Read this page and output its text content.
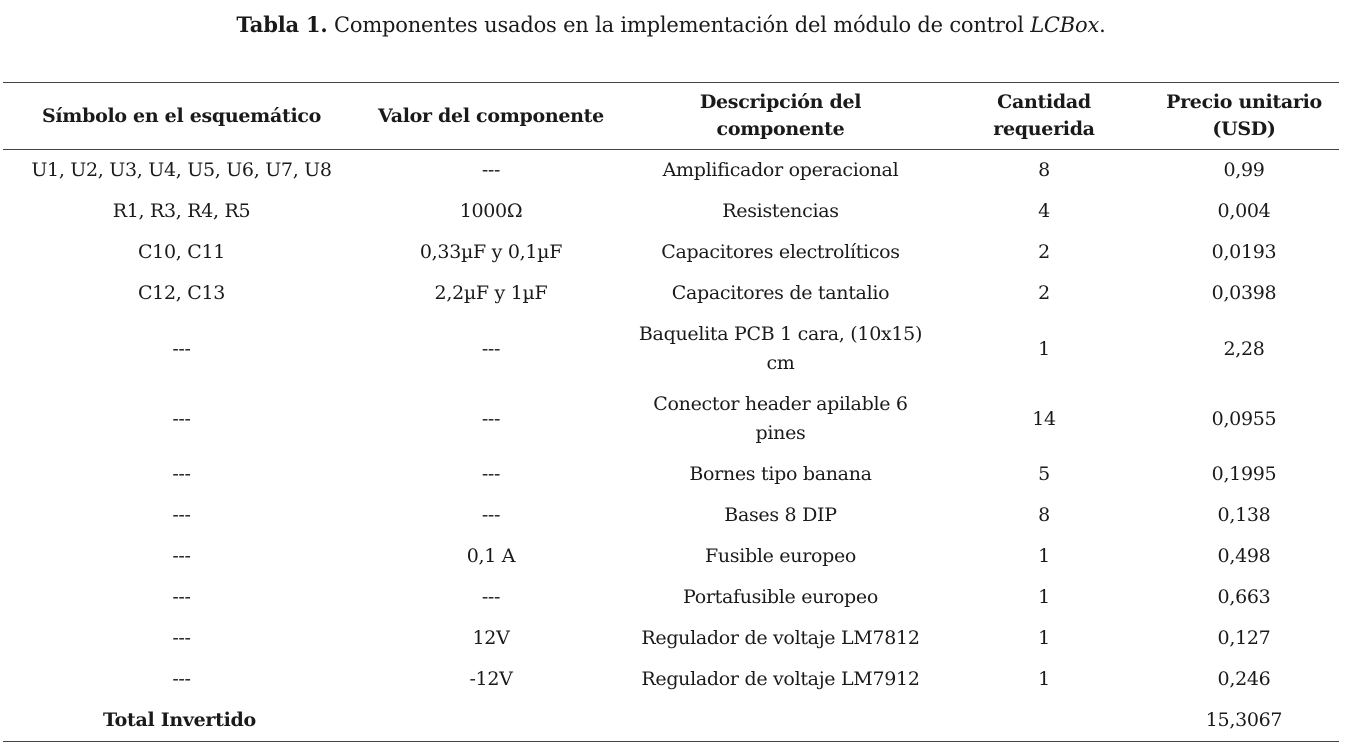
Tabla 1. Componentes usados en la implementación del módulo de control LCBox.
Símbolo en el esquemático	Valor del componente	Descripción del componente	Cantidad requerida	Precio unitario (USD)
U1, U2, U3, U4, U5, U6, U7, U8	---	Amplificador operacional	8	0,99
R1, R3, R4, R5	1000Ω	Resistencias	4	0,004
C10, C11	0,33µF y 0,1µF	Capacitores electrolíticos	2	0,0193
C12, C13	2,2µF y 1µF	Capacitores de tantalio	2	0,0398
---	---	Baquelita PCB 1 cara, (10x15) cm	1	2,28
---	---	Conector header apilable 6 pines	14	0,0955
---	---	Bornes tipo banana	5	0,1995
---	---	Bases 8 DIP	8	0,138
---	0,1 A	Fusible europeo	1	0,498
---	---	Portafusible europeo	1	0,663
---	12V	Regulador de voltaje LM7812	1	0,127
---	-12V	Regulador de voltaje LM7912	1	0,246
Total Invertido				15,3067
